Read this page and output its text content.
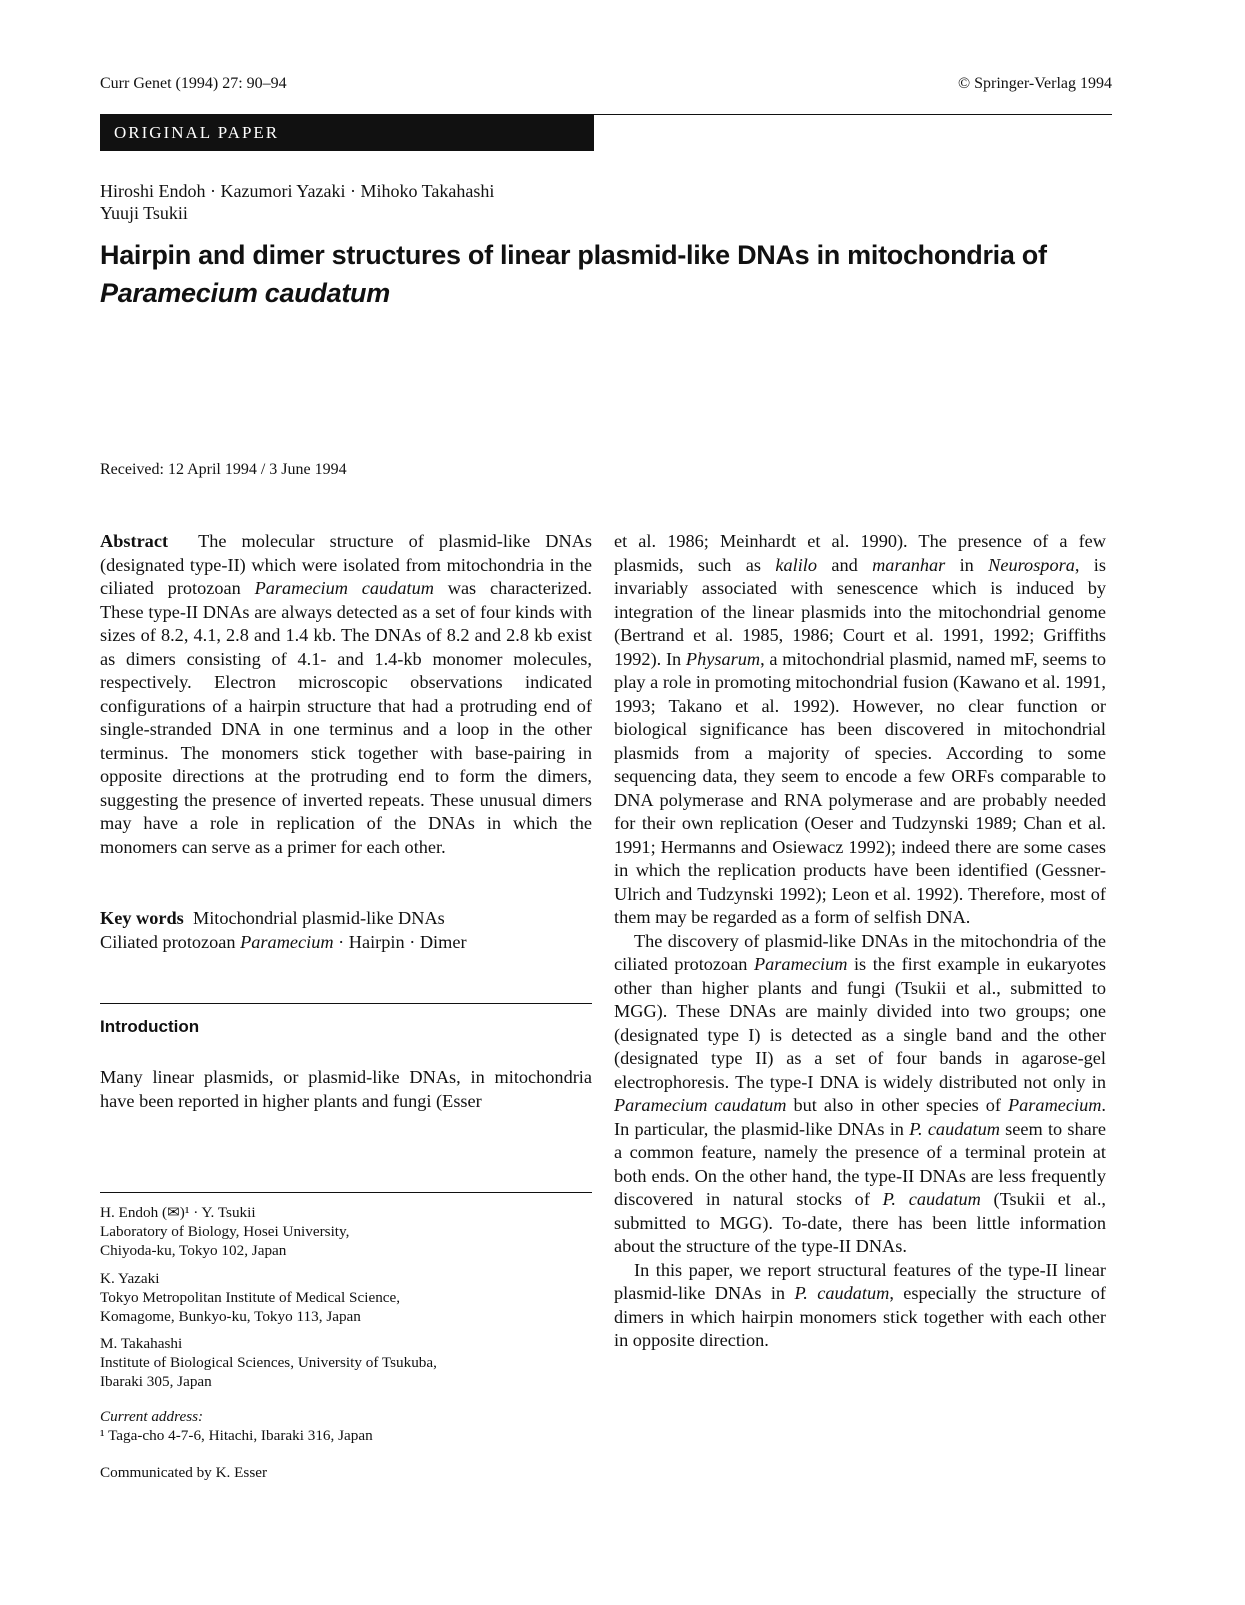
Curr Genet (1994) 27: 90–94	© Springer-Verlag 1994
ORIGINAL PAPER
Hiroshi Endoh · Kazumori Yazaki · Mihoko Takahashi
Yuuji Tsukii
Hairpin and dimer structures of linear plasmid-like DNAs in mitochondria of Paramecium caudatum
Received: 12 April 1994 / 3 June 1994

Abstract The molecular structure of plasmid-like DNAs (designated type-II) which were isolated from mitochondria in the ciliated protozoan Paramecium caudatum was characterized. These type-II DNAs are always detected as a set of four kinds with sizes of 8.2, 4.1, 2.8 and 1.4 kb. The DNAs of 8.2 and 2.8 kb exist as dimers consisting of 4.1- and 1.4-kb monomer molecules, respectively. Electron microscopic observations indicated configurations of a hairpin structure that had a protruding end of single-stranded DNA in one terminus and a loop in the other terminus. The monomers stick together with base-pairing in opposite directions at the protruding end to form the dimers, suggesting the presence of inverted repeats. These unusual dimers may have a role in replication of the DNAs in which the monomers can serve as a primer for each other.

Key words Mitochondrial plasmid-like DNAs
Ciliated protozoan Paramecium · Hairpin · Dimer
Introduction

Many linear plasmids, or plasmid-like DNAs, in mitochondria have been reported in higher plants and fungi (Esser

H. Endoh (✉)¹ · Y. Tsukii
Laboratory of Biology, Hosei University,
Chiyoda-ku, Tokyo 102, Japan
K. Yazaki
Tokyo Metropolitan Institute of Medical Science,
Komagome, Bunkyo-ku, Tokyo 113, Japan
M. Takahashi
Institute of Biological Sciences, University of Tsukuba,
Ibaraki 305, Japan
Current address:
¹ Taga-cho 4-7-6, Hitachi, Ibaraki 316, Japan
Communicated by K. Esser

et al. 1986; Meinhardt et al. 1990). The presence of a few plasmids, such as kalilo and maranhar in Neurospora, is invariably associated with senescence which is induced by integration of the linear plasmids into the mitochondrial genome (Bertrand et al. 1985, 1986; Court et al. 1991, 1992; Griffiths 1992). In Physarum, a mitochondrial plasmid, named mF, seems to play a role in promoting mitochondrial fusion (Kawano et al. 1991, 1993; Takano et al. 1992). However, no clear function or biological significance has been discovered in mitochondrial plasmids from a majority of species. According to some sequencing data, they seem to encode a few ORFs comparable to DNA polymerase and RNA polymerase and are probably needed for their own replication (Oeser and Tudzynski 1989; Chan et al. 1991; Hermanns and Osiewacz 1992); indeed there are some cases in which the replication products have been identified (Gessner-Ulrich and Tudzynski 1992); Leon et al. 1992). Therefore, most of them may be regarded as a form of selfish DNA.

The discovery of plasmid-like DNAs in the mitochondria of the ciliated protozoan Paramecium is the first example in eukaryotes other than higher plants and fungi (Tsukii et al., submitted to MGG). These DNAs are mainly divided into two groups; one (designated type I) is detected as a single band and the other (designated type II) as a set of four bands in agarose-gel electrophoresis. The type-I DNA is widely distributed not only in Paramecium caudatum but also in other species of Paramecium. In particular, the plasmid-like DNAs in P. caudatum seem to share a common feature, namely the presence of a terminal protein at both ends. On the other hand, the type-II DNAs are less frequently discovered in natural stocks of P. caudatum (Tsukii et al., submitted to MGG). To-date, there has been little information about the structure of the type-II DNAs.

In this paper, we report structural features of the type-II linear plasmid-like DNAs in P. caudatum, especially the structure of dimers in which hairpin monomers stick together with each other in opposite direction.
